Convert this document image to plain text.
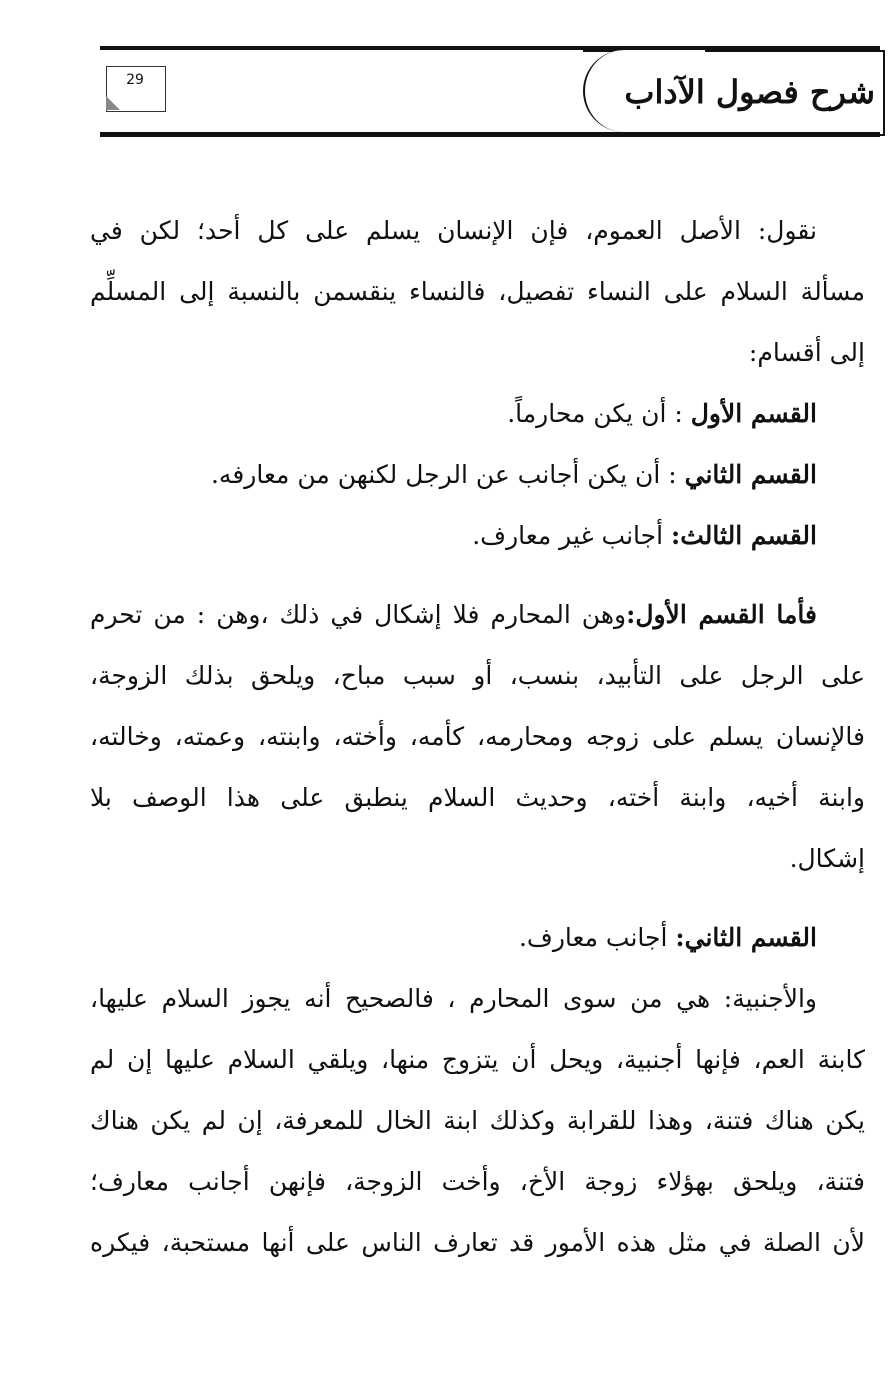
شرح فصول الآداب
29
نقول: الأصل العموم، فإن الإنسان يسلم على كل أحد؛ لكن في
مسألة السلام على النساء تفصيل، فالنساء ينقسمن بالنسبة إلى المسلِّم
إلى أقسام:
القسم الأول : أن يكن محارماً.
القسم الثاني : أن يكن أجانب عن الرجل لكنهن من معارفه.
القسم الثالث: أجانب غير معارف.
فأما القسم الأول:وهن المحارم فلا إشكال في ذلك ،وهن : من تحرم
على الرجل على التأبيد، بنسب، أو سبب مباح، ويلحق بذلك الزوجة،
فالإنسان يسلم على زوجه ومحارمه، كأمه، وأخته، وابنته، وعمته، وخالته،
وابنة أخيه، وابنة أخته، وحديث السلام ينطبق على هذا الوصف بلا
إشكال.
القسم الثاني: أجانب معارف.
والأجنبية: هي من سوى المحارم ، فالصحيح أنه يجوز السلام عليها،
كابنة العم، فإنها أجنبية، ويحل أن يتزوج منها، ويلقي السلام عليها إن لم
يكن هناك فتنة، وهذا للقرابة وكذلك ابنة الخال للمعرفة، إن لم يكن هناك
فتنة، ويلحق بهؤلاء زوجة الأخ، وأخت الزوجة، فإنهن أجانب معارف؛
لأن الصلة في مثل هذه الأمور قد تعارف الناس على أنها مستحبة، فيكره
